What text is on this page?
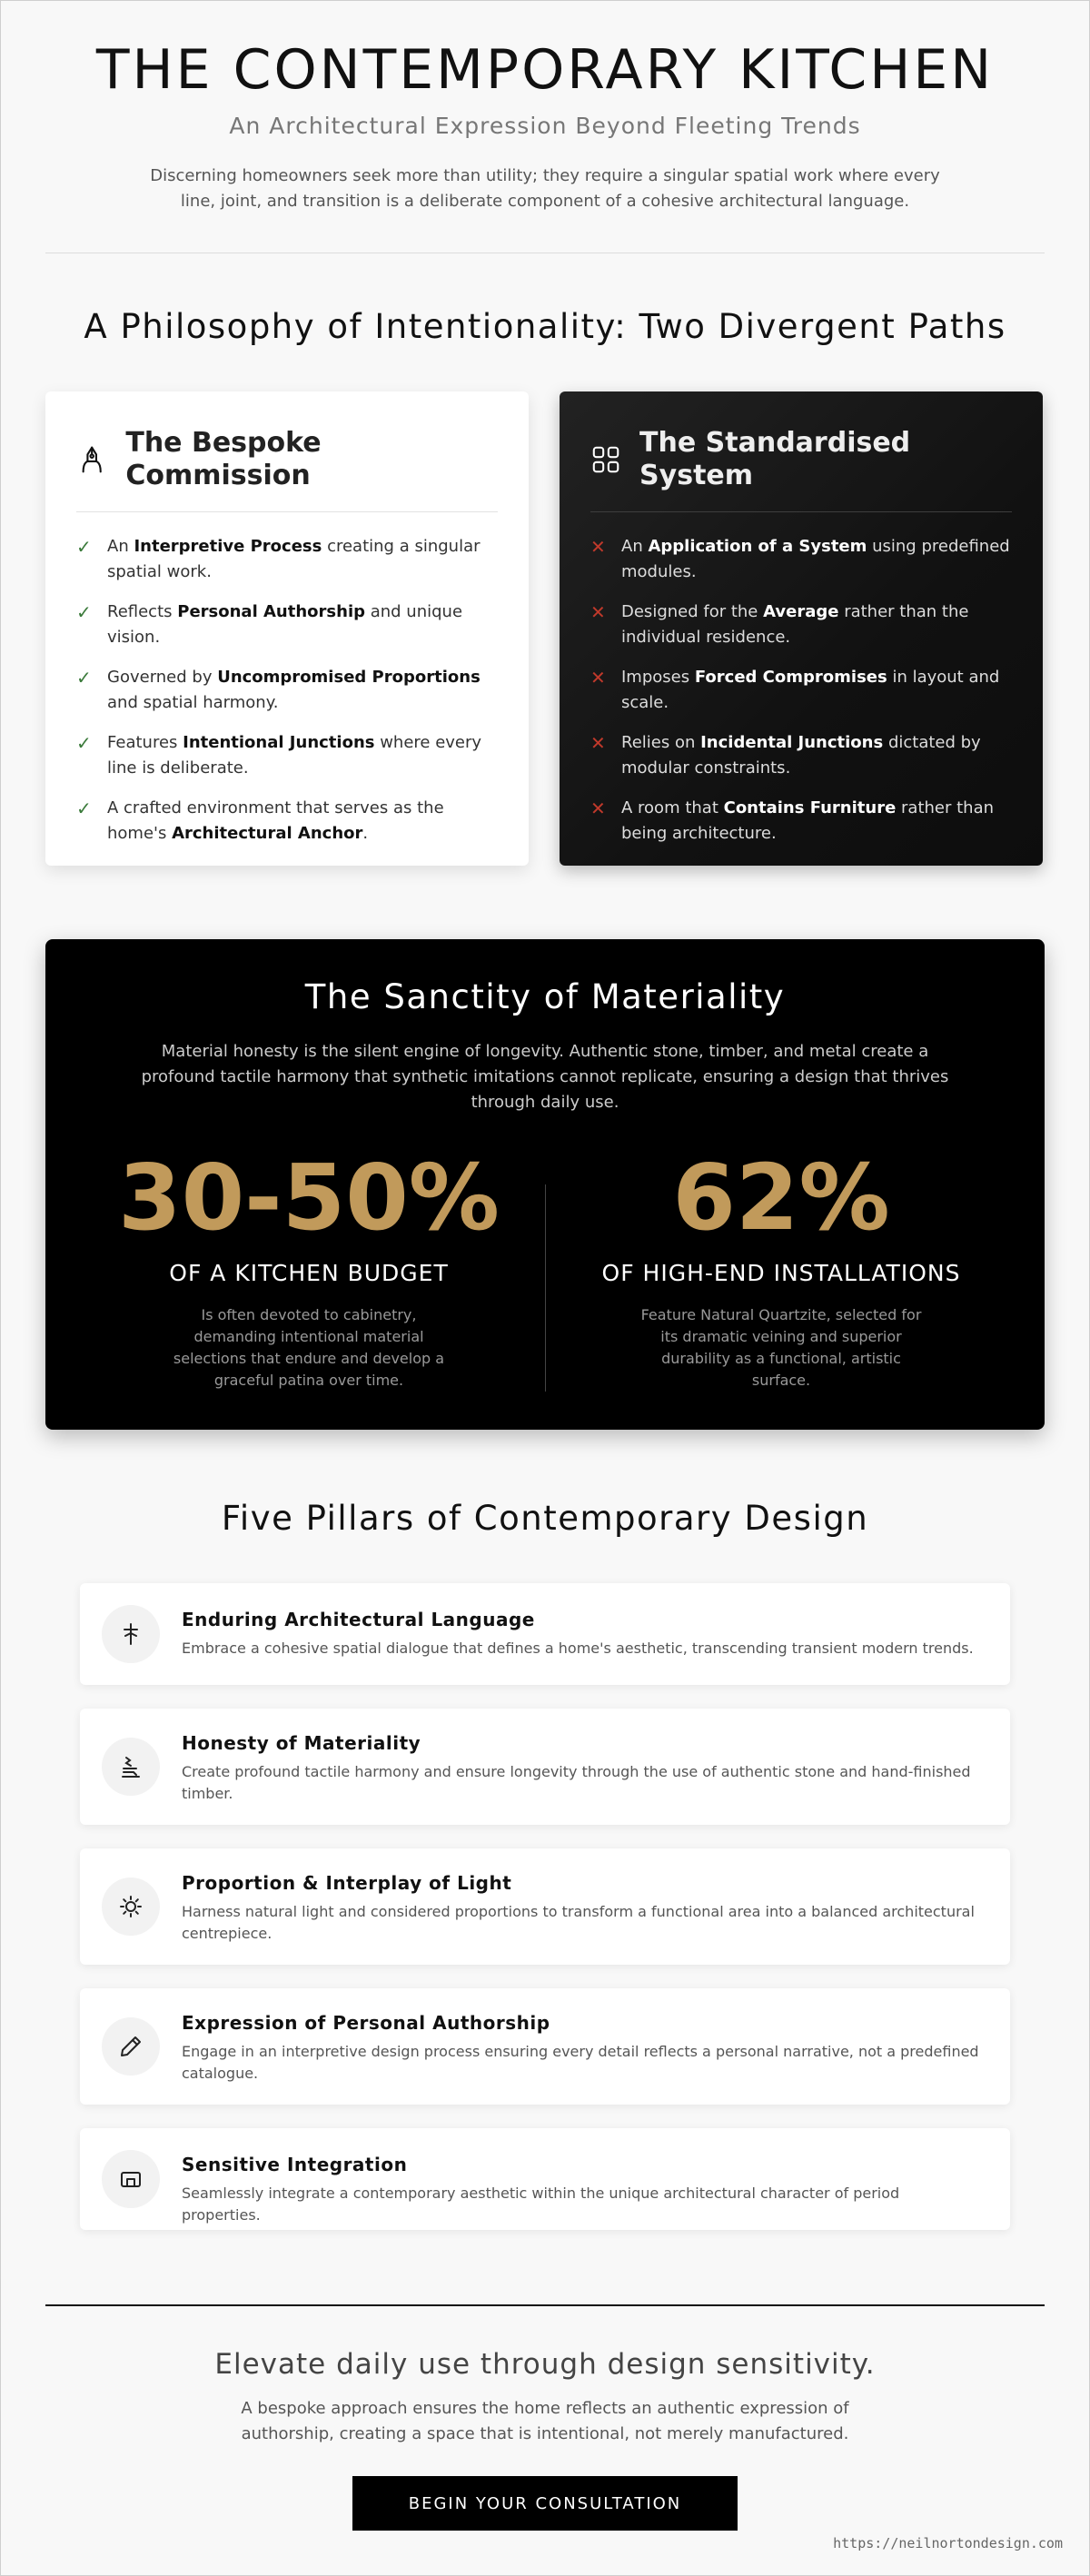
THE CONTEMPORARY KITCHEN
An Architectural Expression Beyond Fleeting Trends

Discerning homeowners seek more than utility; they require a singular spatial work where every line, joint, and transition is a deliberate component of a cohesive architectural language.

A Philosophy of Intentionality: Two Divergent Paths
The Bespoke Commission
✓ An Interpretive Process creating a singular spatial work.
✓ Reflects Personal Authorship and unique vision.
✓ Governed by Uncompromised Proportions and spatial harmony.
✓ Features Intentional Junctions where every line is deliberate.
✓ A crafted environment that serves as the home's Architectural Anchor.
The Standardised System
✕ An Application of a System using predefined modules.
✕ Designed for the Average rather than the individual residence.
✕ Imposes Forced Compromises in layout and scale.
✕ Relies on Incidental Junctions dictated by modular constraints.
✕ A room that Contains Furniture rather than being architecture.
The Sanctity of Materiality

Material honesty is the silent engine of longevity. Authentic stone, timber, and metal create a profound tactile harmony that synthetic imitations cannot replicate, ensuring a design that thrives through daily use.

30-50%
OF A KITCHEN BUDGET
Is often devoted to cabinetry, demanding intentional material selections that endure and develop a graceful patina over time.
62%
OF HIGH-END INSTALLATIONS
Feature Natural Quartzite, selected for its dramatic veining and superior durability as a functional, artistic surface.
Five Pillars of Contemporary Design
Enduring Architectural Language

Embrace a cohesive spatial dialogue that defines a home's aesthetic, transcending transient modern trends.

Honesty of Materiality

Create profound tactile harmony and ensure longevity through the use of authentic stone and hand-finished timber.

Proportion & Interplay of Light

Harness natural light and considered proportions to transform a functional area into a balanced architectural centrepiece.

Expression of Personal Authorship

Engage in an interpretive design process ensuring every detail reflects a personal narrative, not a predefined catalogue.

Sensitive Integration

Seamlessly integrate a contemporary aesthetic within the unique architectural character of period properties.

Elevate daily use through design sensitivity.

A bespoke approach ensures the home reflects an authentic expression of authorship, creating a space that is intentional, not merely manufactured.

BEGIN YOUR CONSULTATION
https://neilnortondesign.com
